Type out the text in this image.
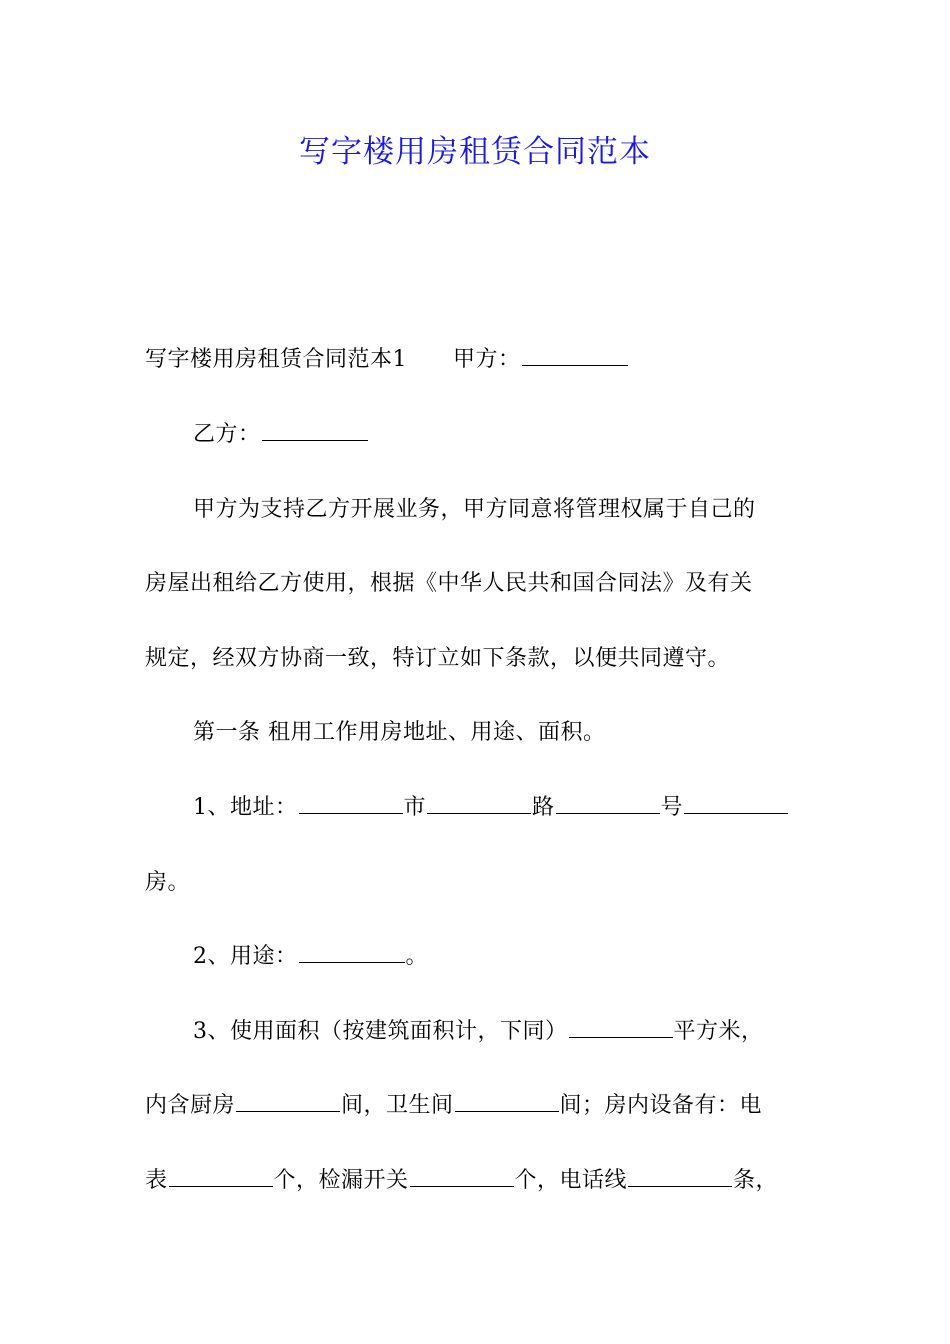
写字楼用房租赁合同范本
写字楼用房租赁合同范本1 甲方：
乙方：
甲方为支持乙方开展业务，甲方同意将管理权属于自己的
房屋出租给乙方使用，根据《中华人民共和国合同法》及有关
规定，经双方协商一致，特订立如下条款，以便共同遵守。
第一条 租用工作用房地址、用途、面积。
1、地址：	市	路	号
房。
2、用途：	。
3、使用面积（按建筑面积计，下同）	平方米，
内含厨房	间，卫生间	间；房内设备有：电
表	个，检漏开关	个，电话线	条，
